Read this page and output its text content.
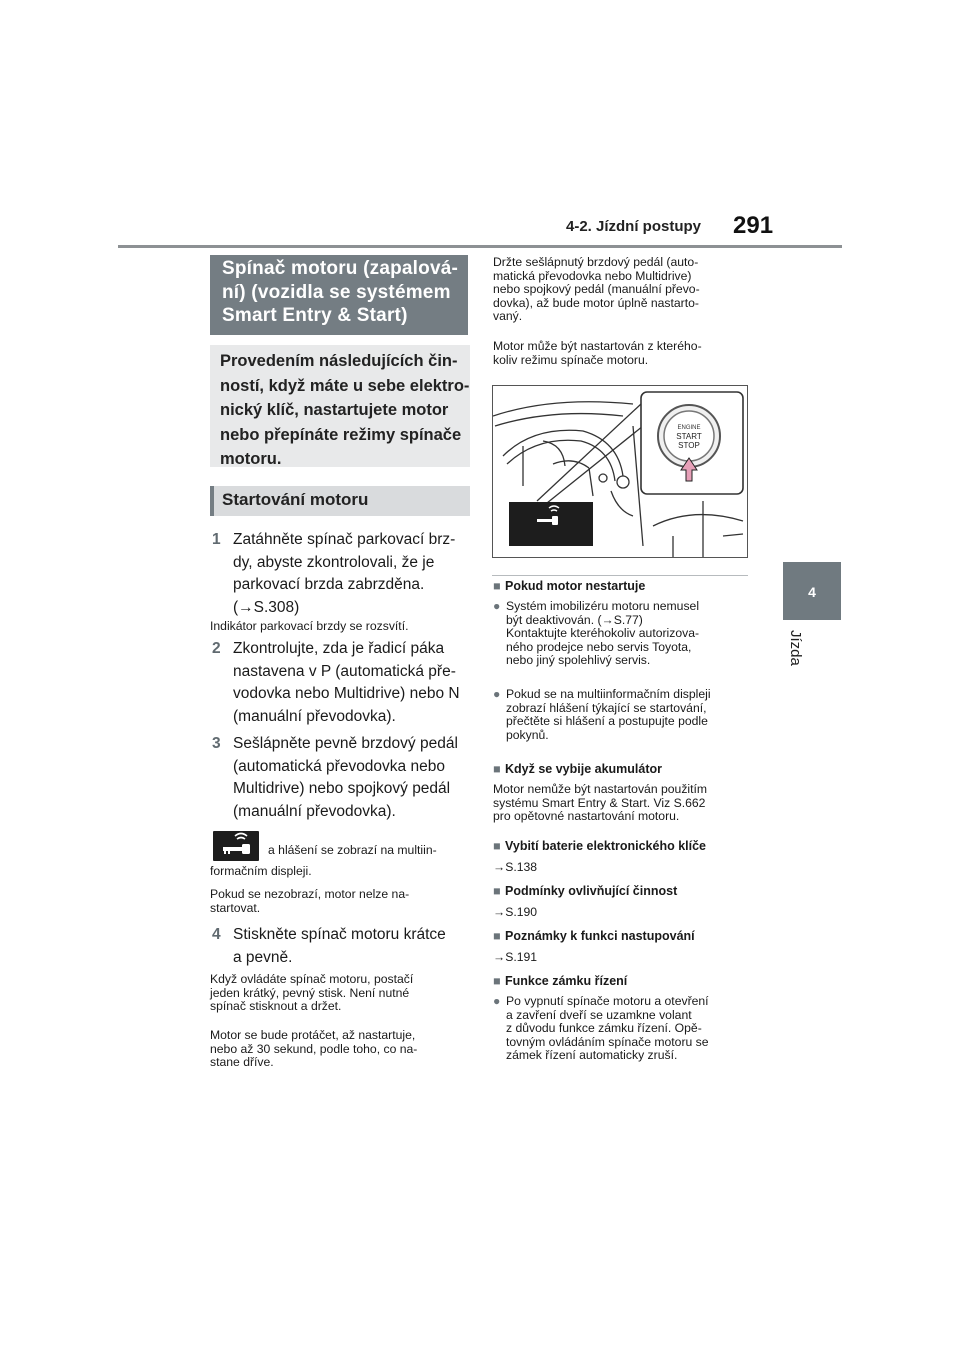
4-2. Jízdní postupy 291
4
Jízda
Spínač motoru (zapalová-
ní) (vozidla se systémem
Smart Entry & Start)
Provedením následujících čin-
ností, když máte u sebe elektro-
nický klíč, nastartujete motor
nebo přepínáte režimy spínače
motoru.
Startování motoru
1 Zatáhněte spínač parkovací brz-
dy, abyste zkontrolovali, že je
parkovací brzda zabrzděna.
(→S.308)
Indikátor parkovací brzdy se rozsvítí.
2 Zkontrolujte, zda je řadicí páka
nastavena v P (automatická pře-
vodovka nebo Multidrive) nebo N
(manuální převodovka).
3 Sešlápněte pevně brzdový pedál
(automatická převodovka nebo
Multidrive) nebo spojkový pedál
(manuální převodovka).
a hlášení se zobrazí na multiin-
formačním displeji.
Pokud se nezobrazí, motor nelze na-
startovat.
4 Stiskněte spínač motoru krátce
a pevně.
Když ovládáte spínač motoru, postačí
jeden krátký, pevný stisk. Není nutné
spínač stisknout a držet.
Motor se bude protáčet, až nastartuje,
nebo až 30 sekund, podle toho, co na-
stane dříve.
Držte sešlápnutý brzdový pedál (auto-
matická převodovka nebo Multidrive)
nebo spojkový pedál (manuální převo-
dovka), až bude motor úplně nastarto-
vaný.
Motor může být nastartován z kterého-
koliv režimu spínače motoru.
ENGINE
START
STOP
■ Pokud motor nestartuje
● Systém imobilizéru motoru nemusel
být deaktivován. (→S.77)
Kontaktujte kteréhokoliv autorizova-
ného prodejce nebo servis Toyota,
nebo jiný spolehlivý servis.
● Pokud se na multiinformačním displeji
zobrazí hlášení týkající se startování,
přečtěte si hlášení a postupujte podle
pokynů.
■ Když se vybije akumulátor
Motor nemůže být nastartován použitím
systému Smart Entry & Start. Viz S.662
pro opětovné nastartování motoru.
■ Vybití baterie elektronického klíče
→S.138
■ Podmínky ovlivňující činnost
→S.190
■ Poznámky k funkci nastupování
→S.191
■ Funkce zámku řízení
● Po vypnutí spínače motoru a otevření
a zavření dveří se uzamkne volant
z důvodu funkce zámku řízení. Opě-
tovným ovládáním spínače motoru se
zámek řízení automaticky zruší.
